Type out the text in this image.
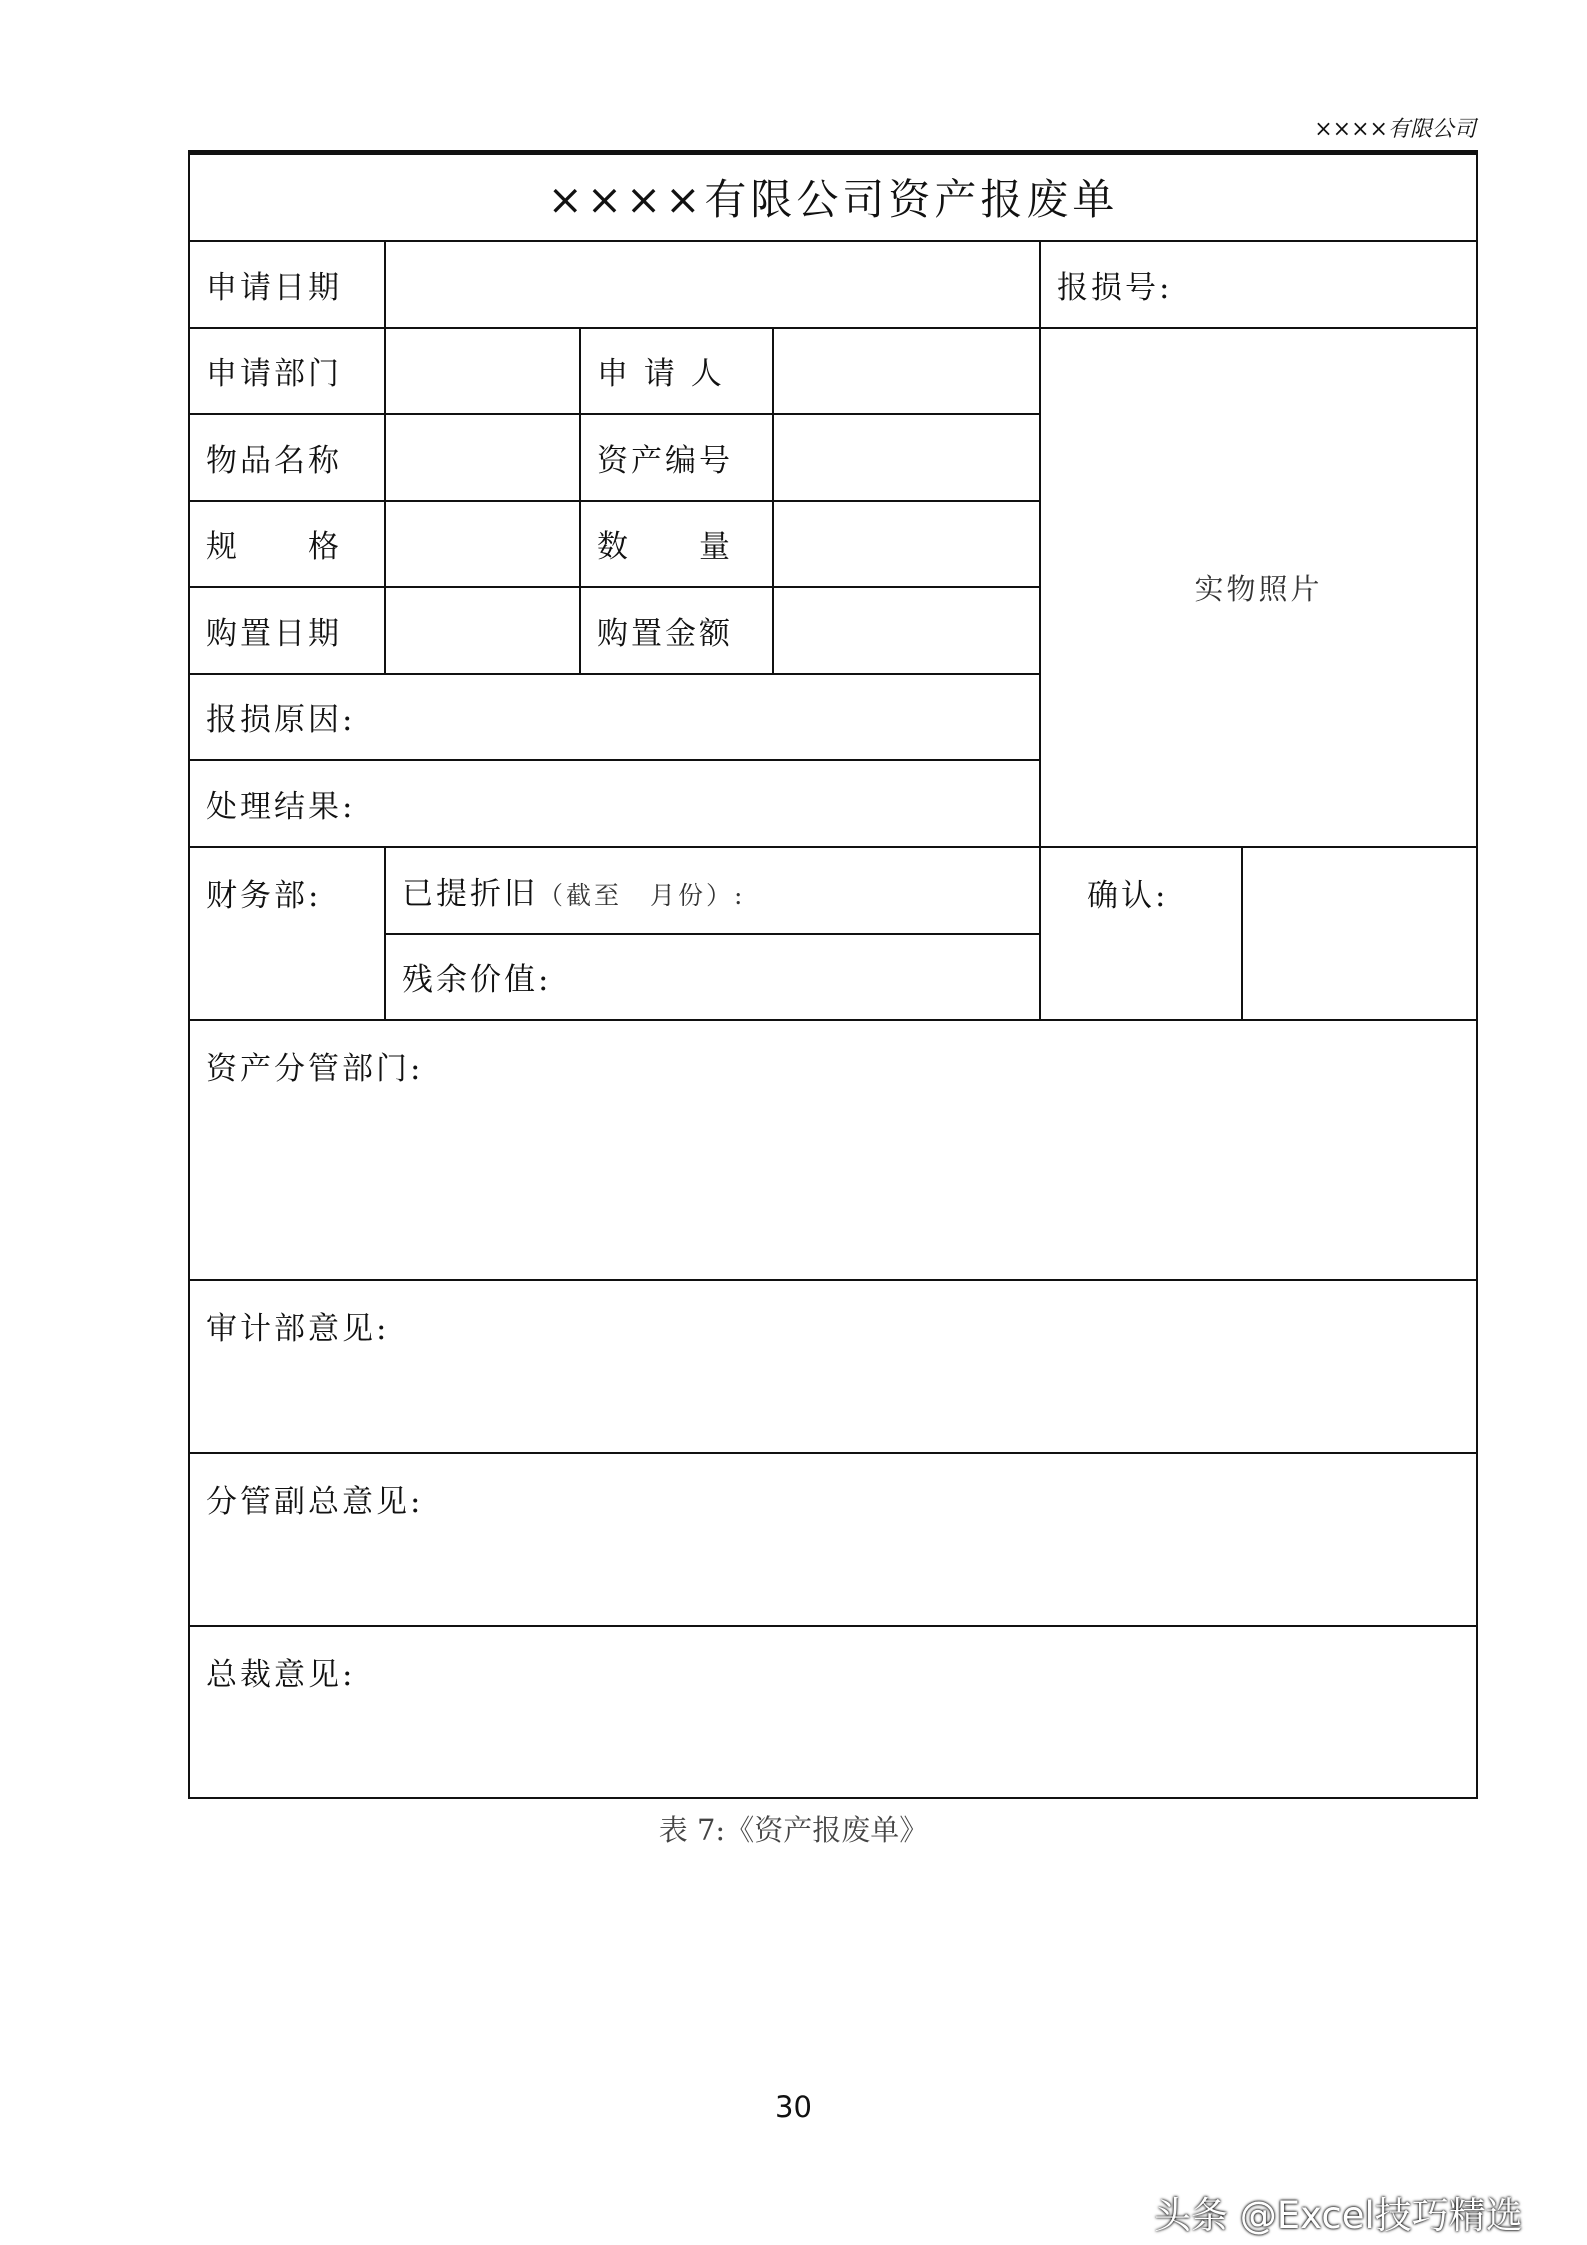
××××有限公司
××××有限公司资产报废单					
申请日期				报损号:	
申请部门		申 请 人		实物照片	
物品名称		资产编号			
规　　格		数　　量			
购置日期		购置金额			
报损原因:					
处理结果:					
财务部:	已提折旧（截至　月份）:			确认:	
	残余价值:				
资产分管部门:					
审计部意见:					
分管副总意见:					
总裁意见:					
表 7:《资产报废单》
30
头条 @Excel技巧精选
